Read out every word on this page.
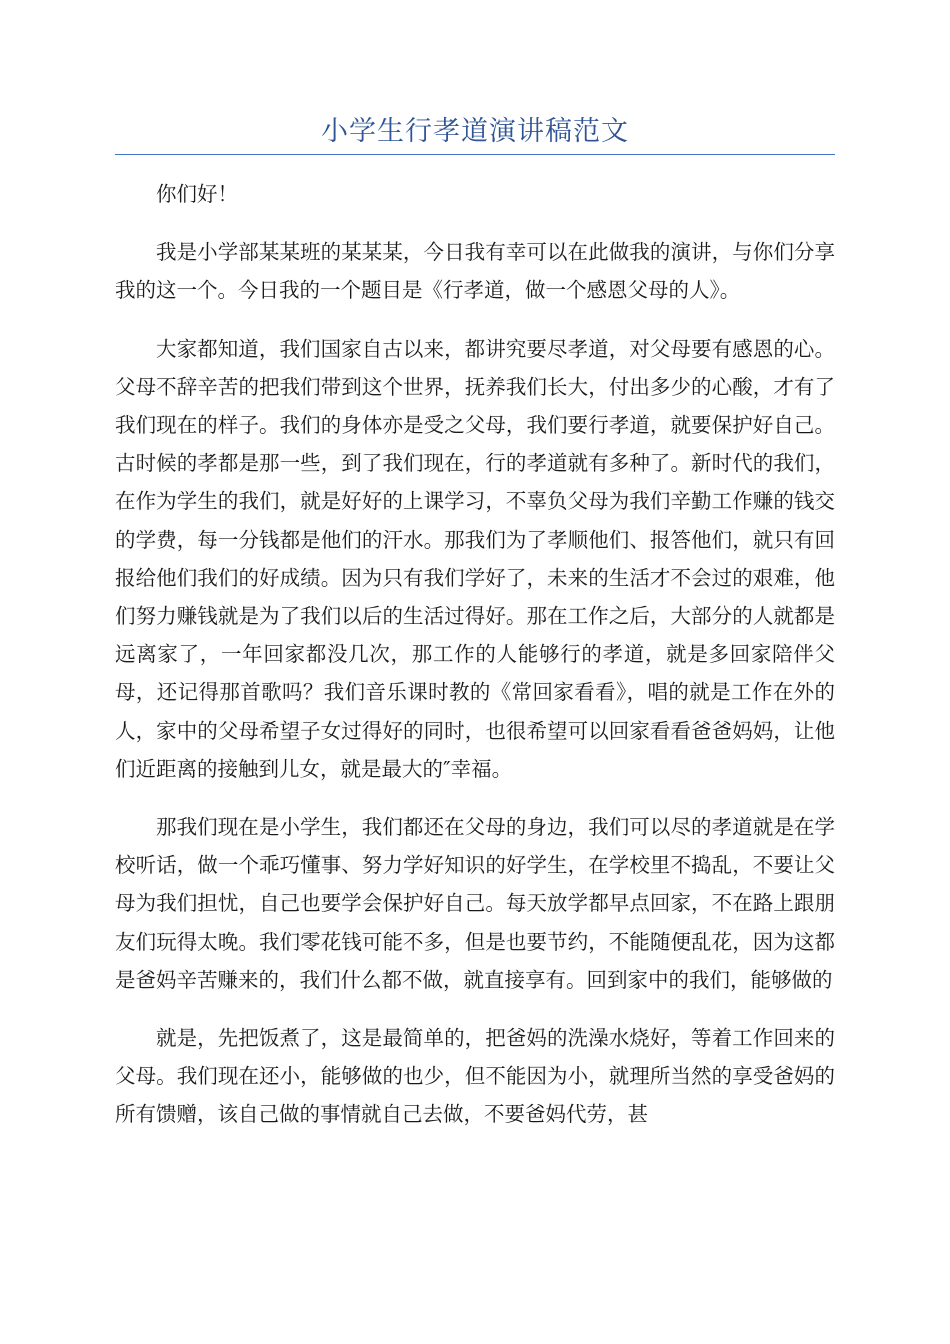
小学生行孝道演讲稿范文

你们好！

我是小学部某某班的某某某，今日我有幸可以在此做我的演讲，与你们分享我的这一个。今日我的一个题目是《行孝道，做一个感恩父母的人》。

大家都知道，我们国家自古以来，都讲究要尽孝道，对父母要有感恩的心。父母不辞辛苦的把我们带到这个世界，抚养我们长大，付出多少的心酸，才有了我们现在的样子。我们的身体亦是受之父母，我们要行孝道，就要保护好自己。古时候的孝都是那一些，到了我们现在，行的孝道就有多种了。新时代的我们，在作为学生的我们，就是好好的上课学习，不辜负父母为我们辛勤工作赚的钱交的学费，每一分钱都是他们的汗水。那我们为了孝顺他们、报答他们，就只有回报给他们我们的好成绩。因为只有我们学好了，未来的生活才不会过的艰难，他们努力赚钱就是为了我们以后的生活过得好。那在工作之后，大部分的人就都是远离家了，一年回家都没几次，那工作的人能够行的孝道，就是多回家陪伴父母，还记得那首歌吗？我们音乐课时教的《常回家看看》，唱的就是工作在外的人，家中的父母希望子女过得好的同时，也很希望可以回家看看爸爸妈妈，让他们近距离的接触到儿女，就是最大的″幸福。

那我们现在是小学生，我们都还在父母的身边，我们可以尽的孝道就是在学校听话，做一个乖巧懂事、努力学好知识的好学生，在学校里不捣乱，不要让父母为我们担忧，自己也要学会保护好自己。每天放学都早点回家，不在路上跟朋友们玩得太晚。我们零花钱可能不多，但是也要节约，不能随便乱花，因为这都是爸妈辛苦赚来的，我们什么都不做，就直接享有。回到家中的我们，能够做的

就是，先把饭煮了，这是最简单的，把爸妈的洗澡水烧好，等着工作回来的父母。我们现在还小，能够做的也少，但不能因为小，就理所当然的享受爸妈的所有馈赠，该自己做的事情就自己去做，不要爸妈代劳，甚
